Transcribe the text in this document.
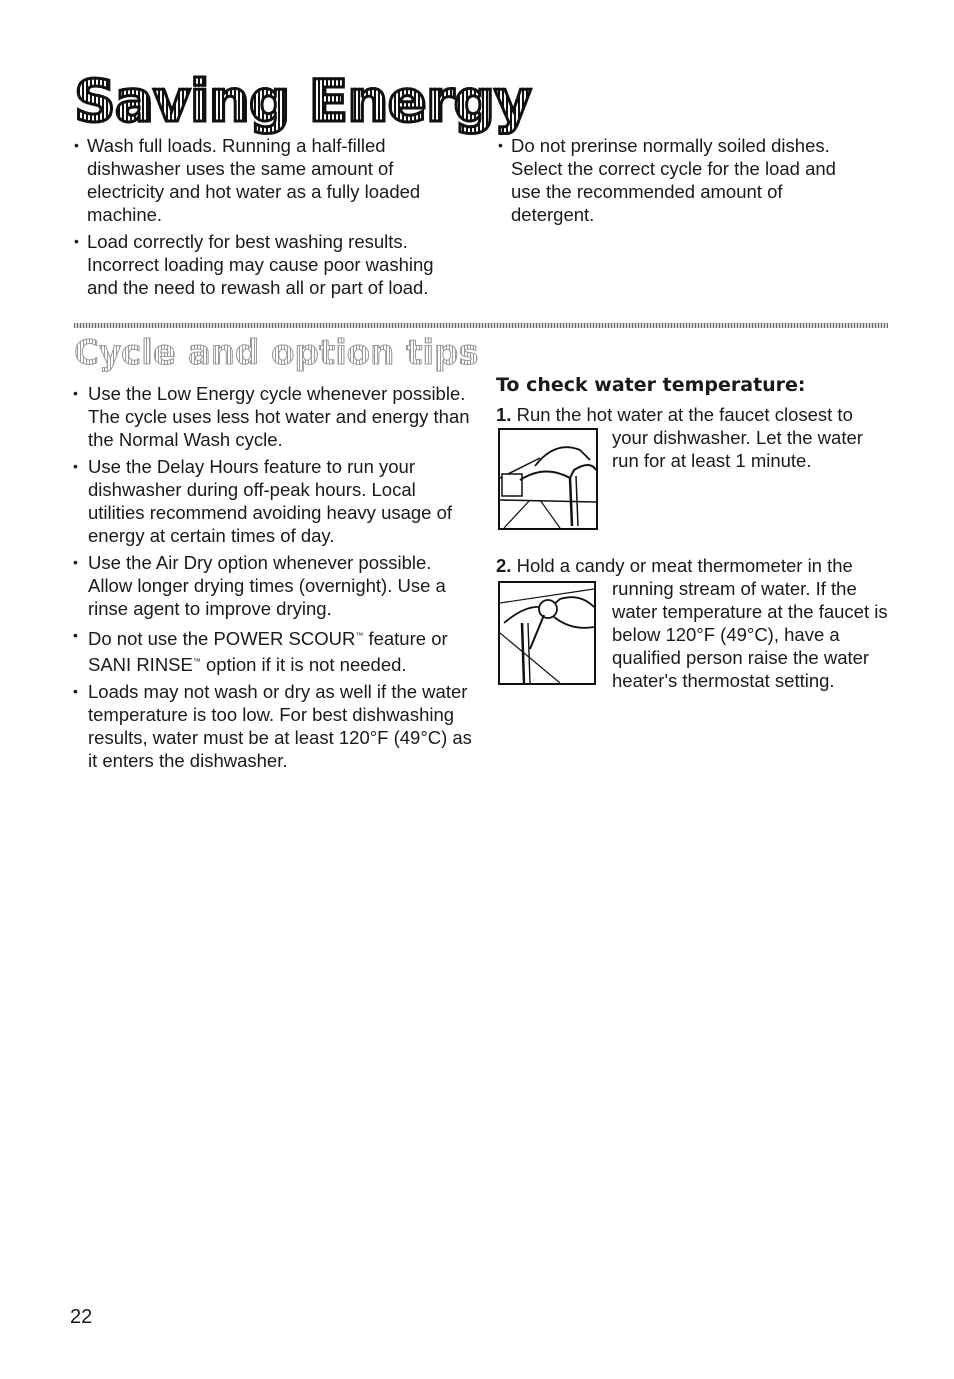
Saving Energy
• Wash full loads. Running a half-filled dishwasher uses the same amount of electricity and hot water as a fully loaded machine.
• Load correctly for best washing results. Incorrect loading may cause poor washing and the need to rewash all or part of load.
• Do not prerinse normally soiled dishes. Select the correct cycle for the load and use the recommended amount of detergent.
Cycle and option tips
• Use the Low Energy cycle whenever possible. The cycle uses less hot water and energy than the Normal Wash cycle.
• Use the Delay Hours feature to run your dishwasher during off-peak hours. Local utilities recommend avoiding heavy usage of energy at certain times of day.
• Use the Air Dry option whenever possible. Allow longer drying times (overnight). Use a rinse agent to improve drying.
• Do not use the POWER SCOUR™ feature or SANI RINSE™ option if it is not needed.
• Loads may not wash or dry as well if the water temperature is too low. For best dishwashing results, water must be at least 120°F (49°C) as it enters the dishwasher.
To check water temperature:
1. Run the hot water at the faucet closest to
your dishwasher. Let the water run for at least 1 minute.
2. Hold a candy or meat thermometer in the
running stream of water. If the water temperature at the faucet is below 120°F (49°C), have a qualified person raise the water heater's thermostat setting.
22
